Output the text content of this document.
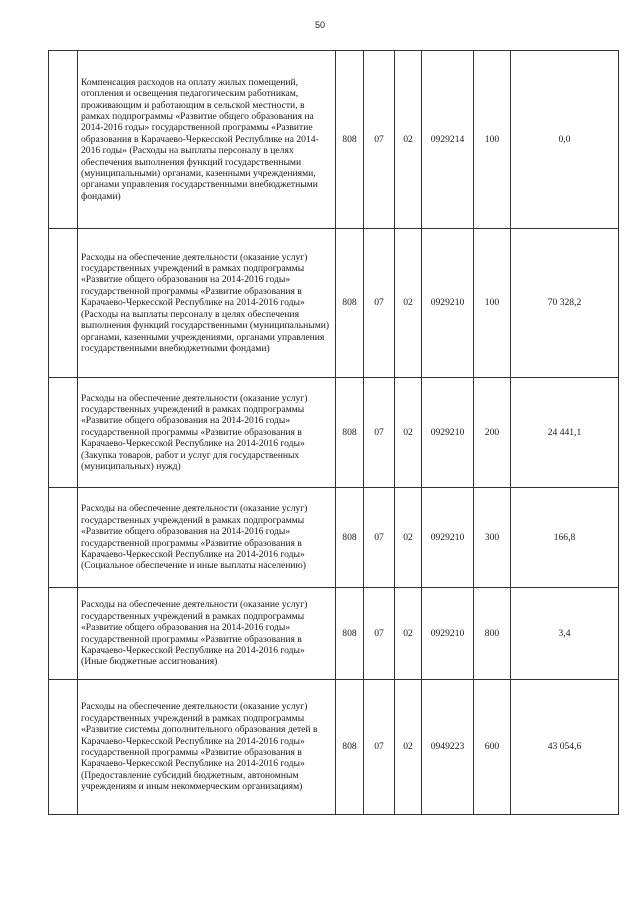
50
	Компенсация расходов на оплату жилых помещений, отопления и освещения педагогическим работникам, проживающим и работающим в сельской местности, в рамках подпрограммы «Развитие общего образования на 2014-2016 годы» государственной программы «Развитие образования в Карачаево-Черкесской Республике на 2014-2016 годы» (Расходы на выплаты персоналу в целях обеспечения выполнения функций государственными (муниципальными) органами, казенными учреждениями, органами управления государственными внебюджетными фондами)	808	07	02	0929214	100	0,0
	Расходы на обеспечение деятельности (оказание услуг) государственных учреждений в рамках подпрограммы «Развитие общего образования на 2014-2016 годы» государственной программы «Развитие образования в Карачаево-Черкесской Республике на 2014-2016 годы» (Расходы на выплаты персоналу в целях обеспечения выполнения функций государственными (муниципальными) органами, казенными учреждениями, органами управления государственными внебюджетными фондами)	808	07	02	0929210	100	70 328,2
	Расходы на обеспечение деятельности (оказание услуг) государственных учреждений в рамках подпрограммы «Развитие общего образования на 2014-2016 годы» государственной программы «Развитие образования в Карачаево-Черкесской Республике на 2014-2016 годы» (Закупка товаров, работ и услуг для государственных (муниципальных) нужд)	808	07	02	0929210	200	24 441,1
	Расходы на обеспечение деятельности (оказание услуг) государственных учреждений в рамках подпрограммы «Развитие общего образования на 2014-2016 годы» государственной программы «Развитие образования в Карачаево-Черкесской Республике на 2014-2016 годы» (Социальное обеспечение и иные выплаты населению)	808	07	02	0929210	300	166,8
	Расходы на обеспечение деятельности (оказание услуг) государственных учреждений в рамках подпрограммы «Развитие общего образования на 2014-2016 годы» государственной программы «Развитие образования в Карачаево-Черкесской Республике на 2014-2016 годы» (Иные бюджетные ассигнования)	808	07	02	0929210	800	3,4
	Расходы на обеспечение деятельности (оказание услуг) государственных учреждений в рамках подпрограммы «Развитие системы дополнительного образования детей в Карачаево-Черкесской Республике на 2014-2016 годы» государственной программы «Развитие образования в Карачаево-Черкесской Республике на 2014-2016 годы» (Предоставление субсидий бюджетным, автономным учреждениям и иным некоммерческим организациям)	808	07	02	0949223	600	43 054,6
